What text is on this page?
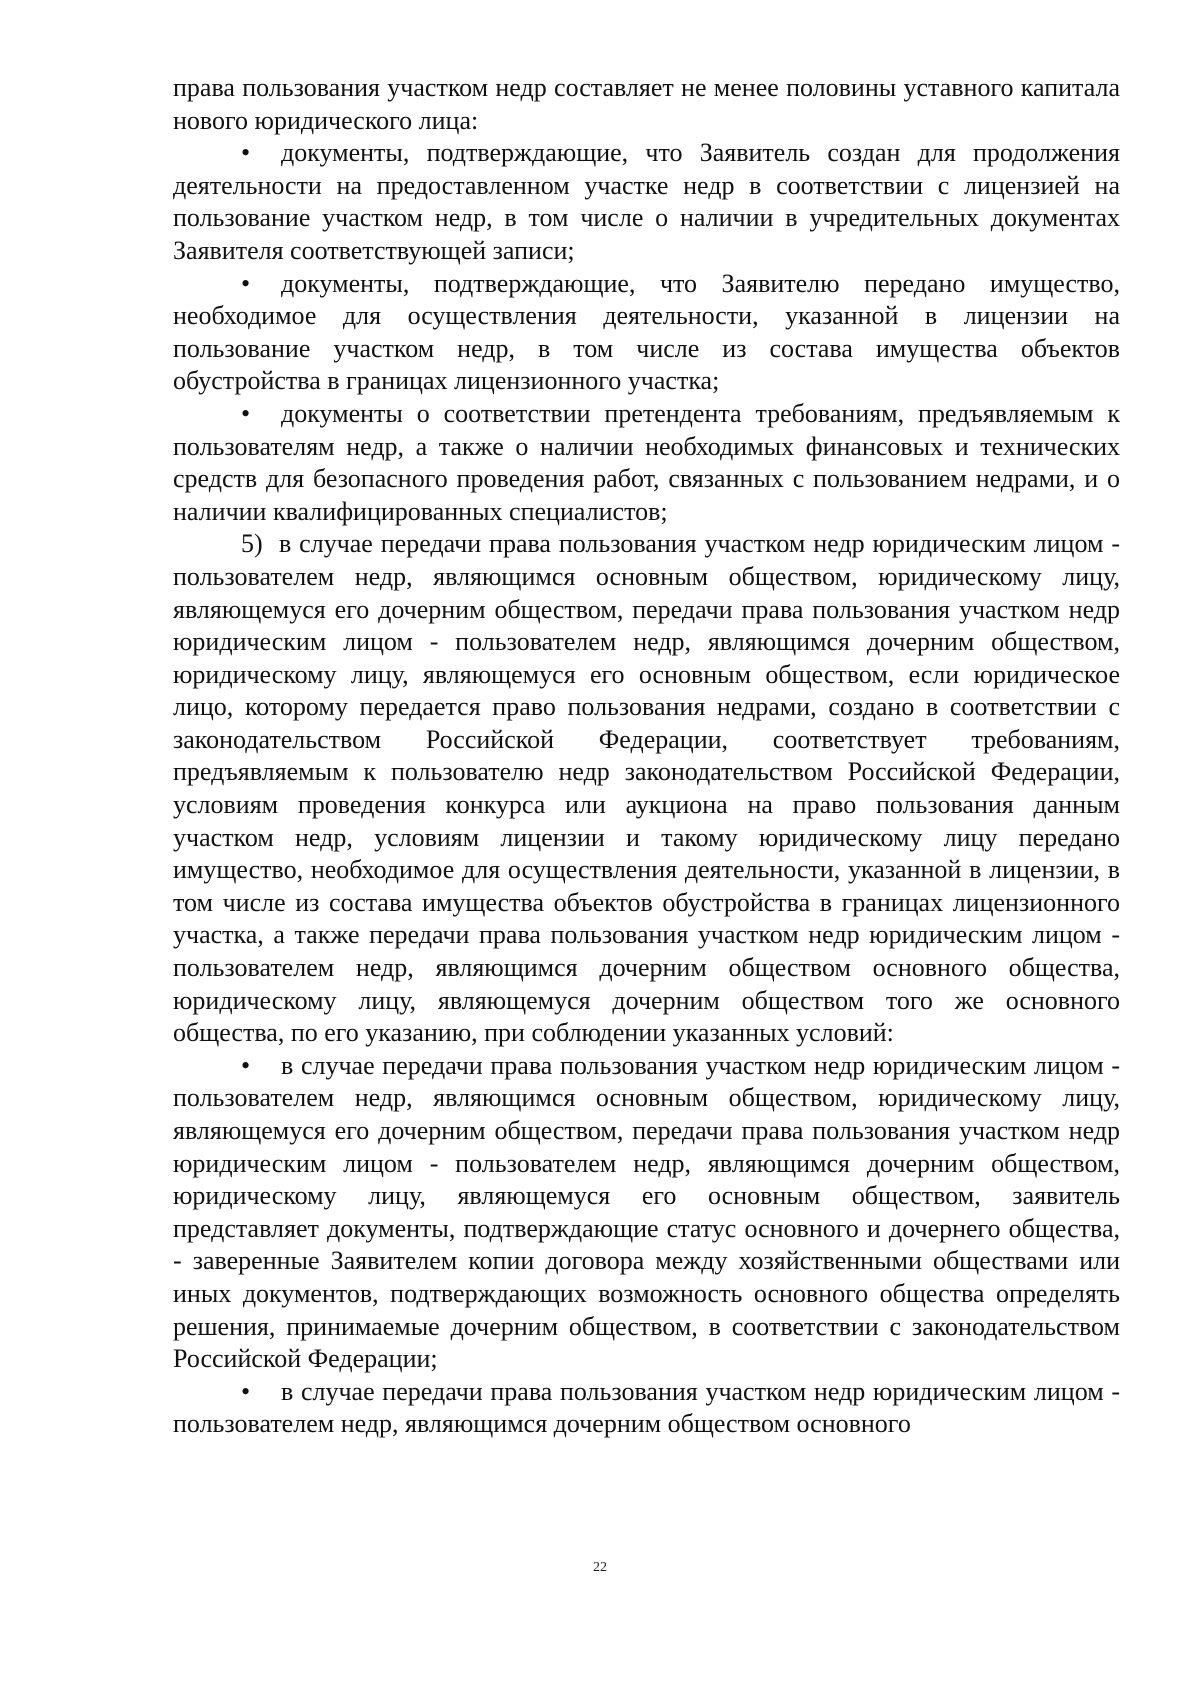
права пользования участком недр составляет не менее половины уставного капитала нового юридического лица:

• документы, подтверждающие, что Заявитель создан для продолжения деятельности на предоставленном участке недр в соответствии с лицензией на пользование участком недр, в том числе о наличии в учредительных документах Заявителя соответствующей записи;

• документы, подтверждающие, что Заявителю передано имущество, необходимое для осуществления деятельности, указанной в лицензии на пользование участком недр, в том числе из состава имущества объектов обустройства в границах лицензионного участка;

• документы о соответствии претендента требованиям, предъявляемым к пользователям недр, а также о наличии необходимых финансовых и технических средств для безопасного проведения работ, связанных с пользованием недрами, и о наличии квалифицированных специалистов;

5) в случае передачи права пользования участком недр юридическим лицом - пользователем недр, являющимся основным обществом, юридическому лицу, являющемуся его дочерним обществом, передачи права пользования участком недр юридическим лицом - пользователем недр, являющимся дочерним обществом, юридическому лицу, являющемуся его основным обществом, если юридическое лицо, которому передается право пользования недрами, создано в соответствии с законодательством Российской Федерации, соответствует требованиям, предъявляемым к пользователю недр законодательством Российской Федерации, условиям проведения конкурса или аукциона на право пользования данным участком недр, условиям лицензии и такому юридическому лицу передано имущество, необходимое для осуществления деятельности, указанной в лицензии, в том числе из состава имущества объектов обустройства в границах лицензионного участка, а также передачи права пользования участком недр юридическим лицом - пользователем недр, являющимся дочерним обществом основного общества, юридическому лицу, являющемуся дочерним обществом того же основного общества, по его указанию, при соблюдении указанных условий:

• в случае передачи права пользования участком недр юридическим лицом - пользователем недр, являющимся основным обществом, юридическому лицу, являющемуся его дочерним обществом, передачи права пользования участком недр юридическим лицом - пользователем недр, являющимся дочерним обществом, юридическому лицу, являющемуся его основным обществом, заявитель представляет документы, подтверждающие статус основного и дочернего общества, - заверенные Заявителем копии договора между хозяйственными обществами или иных документов, подтверждающих возможность основного общества определять решения, принимаемые дочерним обществом, в соответствии с законодательством Российской Федерации;

• в случае передачи права пользования участком недр юридическим лицом - пользователем недр, являющимся дочерним обществом основного

22
